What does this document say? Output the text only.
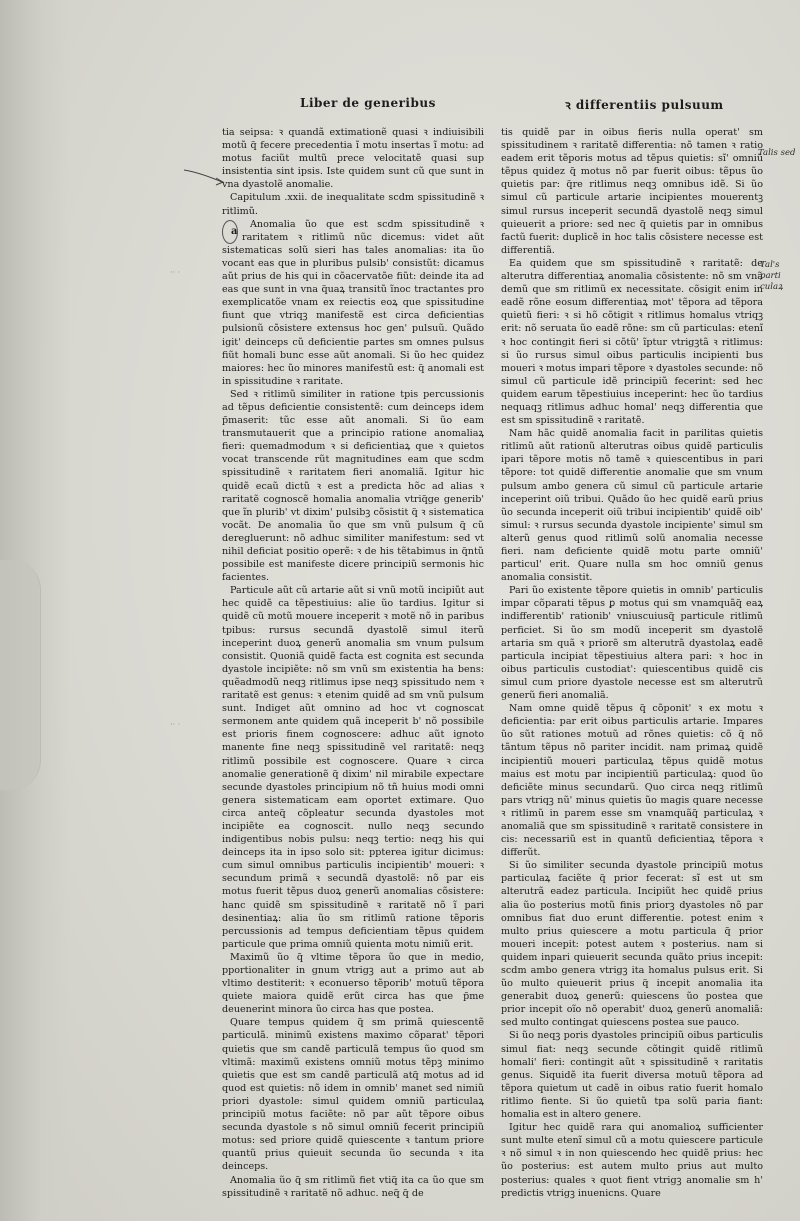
·· ·
·· ·
Liber de generibus	ꝛ differentiis pulsuum

tia seipsa: ꝛ quandã extimationẽ quasi ꝛ indiuisibili motũ q̃ fecere precedentia ĩ motu insertas ĩ motu: ad motus faciũt multũ prece velocitatẽ quasi sup insistentia sint ipsis. Iste quidem sunt cũ que sunt in vna dyastolẽ anomalie.

Capitulum .xxii. de inequalitate scdm spissitudinẽ ꝛ ritlimũ.

a
Anomalia ũo que est scdm spissitudinẽ ꝛ raritatem ꝛ ritlimũ nũc dicemus: videt aũt sistematicas solũ sieri has tales anomalias: ita ũo vocant eas que in pluribus pulsib' consistũt: dicamus aũt prius de his qui in cõacervatõe fiũt: deinde ita ad eas que sunt in vna q̃uaꝝ transitũ ĩnoc tractantes pro exemplicatõe vnam ex reiectis eoꝝ que spissitudine fiunt que vtriqꝫ manifestẽ est circa deficientias pulsionũ cõsistere extensus hoc gen' pulsuũ. Quãdo igit' deinceps cũ deficientie partes sm omnes pulsus fiũt homali bunc esse aũt anomali. Si ũo hec quidez maiores: hec ũo minores manifestũ est: q̃ anomali est in spissitudine ꝛ raritate.

Sed ꝛ ritlimũ similiter in ratione tpis percussionis ad tẽpus deficientie consistentẽ: cum deinceps idem p̃maserit: tũc esse aũt anomali. Si ũo eam transmutauerit que a principio ratione anomaliaꝝ fieri: quemadmodum ꝛ si deficientiaꝝ que ꝛ quietos vocat transcende rũt magnitudines eam que scdm spissitudinẽ ꝛ raritatem fieri anomaliã. Igitur hic quidẽ ecaũ dictũ ꝛ est a predicta hõc ad alias ꝛ raritatẽ cognoscẽ homalia anomalia vtriq̃ge generib' que ĩn plurib' vt dixim' pulsibꝫ cõsistit q̃ ꝛ sistematica vocãt. De anomalia ũo que sm vnũ pulsum q̃ cũ deregluerunt: nõ adhuc similiter manifestum: sed vt nihil deficiat positio operẽ: ꝛ de his tẽtabimus in q̃ntũ possibile est manifeste dicere principiũ sermonis hic facientes.

Particule aũt cũ artarie aũt si vnũ motũ incipiũt aut hec quidẽ ca tẽpestiuius: alie ũo tardius. Igitur si quidẽ cũ motũ mouere inceperit ꝛ motẽ nõ in paribus tpibus: rursus secundã dyastolẽ simul iterũ inceperint duoꝝ generũ anomalia sm vnum pulsum consistit. Quoniã quidẽ facta est cognita est secunda dyastole incipiẽte: nõ sm vnũ sm existentia ha bens: quẽadmodũ neqꝫ ritlimus ipse neqꝫ spissitudo nem ꝛ raritatẽ est genus: ꝛ etenim quidẽ ad sm vnũ pulsum sunt. Indiget aũt omnino ad hoc vt cognoscat sermonem ante quidem quã inceperit b' nõ possibile est prioris finem cognoscere: adhuc aũt ignoto manente fine neqꝫ spissitudinẽ vel raritatẽ: neqꝫ ritlimũ possibile est cognoscere. Quare ꝛ circa anomalie generationẽ q̃ dixim' nil mirabile expectare secunde dyastoles principium nõ tñ huius modi omni genera sistematicam eam oportet extimare. Quo circa anteq̃ cõpleatur secunda dyastoles mot incipiẽte ea cognoscit. nullo neqꝫ secundo indigentibus nobis pulsu: neqꝫ tertio: neqꝫ his qui deinceps ita in ipso solo sit: ppterea igitur dicimus: cum simul omnibus particulis incipientib' moueri: ꝛ secundum primã ꝛ secundã dyastolẽ: nõ par eis motus fuerit tẽpus duoꝝ generũ anomalias cõsistere: hanc quidẽ sm spissitudinẽ ꝛ raritatẽ nõ ĩ pari desinentiaꝝ: alia ũo sm ritlimũ ratione tẽporis percussionis ad tempus deficientiam tẽpus quidem particule que prima omniũ quienta motu nimiũ erit.

Maximũ ũo q̃ vltime tẽpora ũo que in medio, pportionaliter in gnum vtrigꝫ aut a primo aut ab vltimo destiterit: ꝛ econuerso tẽporib' motuũ tẽpora quiete maiora quidẽ erũt circa has que p̃me deuenerint minora ũo circa has que postea.

Quare tempus quidem q̃ sm primã quiescentẽ particulã. minimũ existens maximo cõparat' tẽpori quietis que sm candẽ particulã tempus ũo quod sm vltimã: maximũ existens omniũ motus tẽpꝫ minimo quietis que est sm candẽ particulã atq̃ motus ad id quod est quietis: nõ idem in omnib' manet sed nimiũ priori dyastole: simul quidem omniũ particulaꝝ principiũ motus faciẽte: nõ par aũt tẽpore oibus secunda dyastole s nõ simul omniũ fecerit principiũ motus: sed priore quidẽ quiescente ꝛ tantum priore quantũ prius quieuit secunda ũo secunda ꝛ ita deinceps.

Anomalia ũo q̃ sm ritlimũ fiet vtiq̃ ita ca ũo que sm spissitudinẽ ꝛ raritatẽ nõ adhuc. neq̃ q̃ de

tis quidẽ par in oibus fieris nulla operat' sm spissitudinem ꝛ raritatẽ differentia: nõ tamen ꝛ ratio eadem erit tẽporis motus ad tẽpus quietis: sĩ' omniũ tẽpus quidez q̃ motus nõ par fuerit oibus: tẽpus ũo quietis par: q̃re ritlimus neqꝫ omnibus idẽ. Si ũo simul cũ particule artarie incipientes mouerentꝫ simul rursus inceperit secundã dyastolẽ neqꝫ simul quieuerit a priore: sed nec q̃ quietis par in omnibus factũ fuerit: duplicẽ in hoc talis cõsistere necesse est differentiã.

Ea quidem que sm spissitudinẽ ꝛ raritatẽ: de alterutra differentiaꝝ anomalia cõsistente: nõ sm vnã demũ que sm ritlimũ ex necessitate. cõsigit enim in eadẽ rõne eosum differentiaꝝ mot' tẽpora ad tẽpora quietũ fieri: ꝛ si hõ cõtigit ꝛ ritlimus homalus vtriqꝫ erit: nõ seruata ũo eadẽ rõne: sm cũ particulas: etenĩ ꝛ hoc contingit fieri si cõtũ' ĩptur vtrigꝫtã ꝛ ritlimus: si ũo rursus simul oibus particulis incipienti bus moueri ꝛ motus impari tẽpore ꝛ dyastoles secunde: nõ simul cũ particule idẽ principiũ fecerint: sed hec quidem earum tẽpestiuius inceperint: hec ũo tardius nequaqꝫ ritlimus adhuc homal' neqꝫ differentia que est sm spissitudinẽ ꝛ raritatẽ.

Nam hãc quidẽ anomalia facit in parilitas quietis ritlimũ aũt rationũ alterutras oibus quidẽ particulis ipari tẽpore motis nõ tamẽ ꝛ quiescentibus in pari tẽpore: tot quidẽ differentie anomalie que sm vnum pulsum ambo genera cũ simul cũ particule artarie inceperint oiũ tribui. Quãdo ũo hec quidẽ earũ prius ũo secunda inceperit oiũ tribui incipientib' quidẽ oib' simul: ꝛ rursus secunda dyastole incipiente' simul sm alterũ genus quod ritlimũ solũ anomalia necesse fieri. nam deficiente quidẽ motu parte omniũ' particul' erit. Quare nulla sm hoc omniũ genus anomalia consistit.

Pari ũo existente tẽpore quietis in omnib' particulis impar cõparati tẽpus ꝑ motus qui sm vnamquãq̃ eaꝝ indifferentib' rationib' vniuscuiusq̃ particule ritlimũ perficiet. Si ũo sm modũ inceperit sm dyastolẽ artaria sm quã ꝛ priorẽ sm alterutrã dyastolaꝝ eadẽ particula incipiat tẽpestiuius altera pari: ꝛ hoc in oibus particulis custodiat': quiescentibus quidẽ cis simul cum priore dyastole necesse est sm alterutrũ generũ fieri anomaliã.

Nam omne quidẽ tẽpus q̃ cõponit' ꝛ ex motu ꝛ deficientia: par erit oibus particulis artarie. Impares ũo sũt rationes motuũ ad rõnes quietis: cõ q̃ nõ tãntum tẽpus nõ pariter incidit. nam primaꝝ quidẽ incipientiũ moueri particulaꝝ tẽpus quidẽ motus maius est motu par incipientiũ particulaꝝ: quod ũo deficiẽte minus secundarũ. Quo circa neqꝫ ritlimũ pars vtriqꝫ nũ' minus quietis ũo magis quare necesse ꝛ ritlimũ in parem esse sm vnamquãq̃ particulaꝝ ꝛ anomaliã que sm spissitudinẽ ꝛ raritatẽ consistere in cis: necessariũ est in quantũ deficientiaꝝ tẽpora ꝛ differũt.

Si ũo similiter secunda dyastole principiũ motus particulaꝝ faciẽte q̃ prior fecerat: sĩ est ut sm alterutrã eadez particula. Incipiũt hec quidẽ prius alia ũo posterius motũ finis priorꝫ dyastoles nõ par omnibus fiat duo erunt differentie. potest enim ꝛ multo prius quiescere a motu particula q̃ prior moueri incepit: potest autem ꝛ posterius. nam si quidem inpari quieuerit secunda quãto prius incepit: scdm ambo genera vtrigꝫ ita homalus pulsus erit. Si ũo multo quieuerit prius q̃ incepit anomalia ita generabit duoꝝ generũ: quiescens ũo postea que prior incepit oĩo nõ operabit' duoꝝ generũ anomaliã: sed multo contingat quiescens postea sue pauco.

Si ũo neqꝫ poris dyastoles principiũ oibus particulis simul fiat: neqꝫ secunde cõtingit quidẽ ritlimũ homali' fieri: contingit aũt ꝛ spissitudinẽ ꝛ raritatis genus. Siquidẽ ita fuerit diversa motuũ tẽpora ad tẽpora quietum ut cadẽ in oibus ratio fuerit homalo ritlimo fiente. Si ũo quietũ tpa solũ paria fiant: homalia est in altero genere.

Igitur hec quidẽ rara qui anomalioꝝ sufficienter sunt multe etenĩ simul cũ a motu quiescere particule ꝛ nõ simul ꝛ in non quiescendo hec quidẽ prius: hec ũo posterius: est autem multo prius aut multo posterius: quales ꝛ quot fient vtrigꝫ anomalie sm h' predictis vtrigꝫ inuenicns. Quare

Talis sed
Tal's parti culaꝝ
